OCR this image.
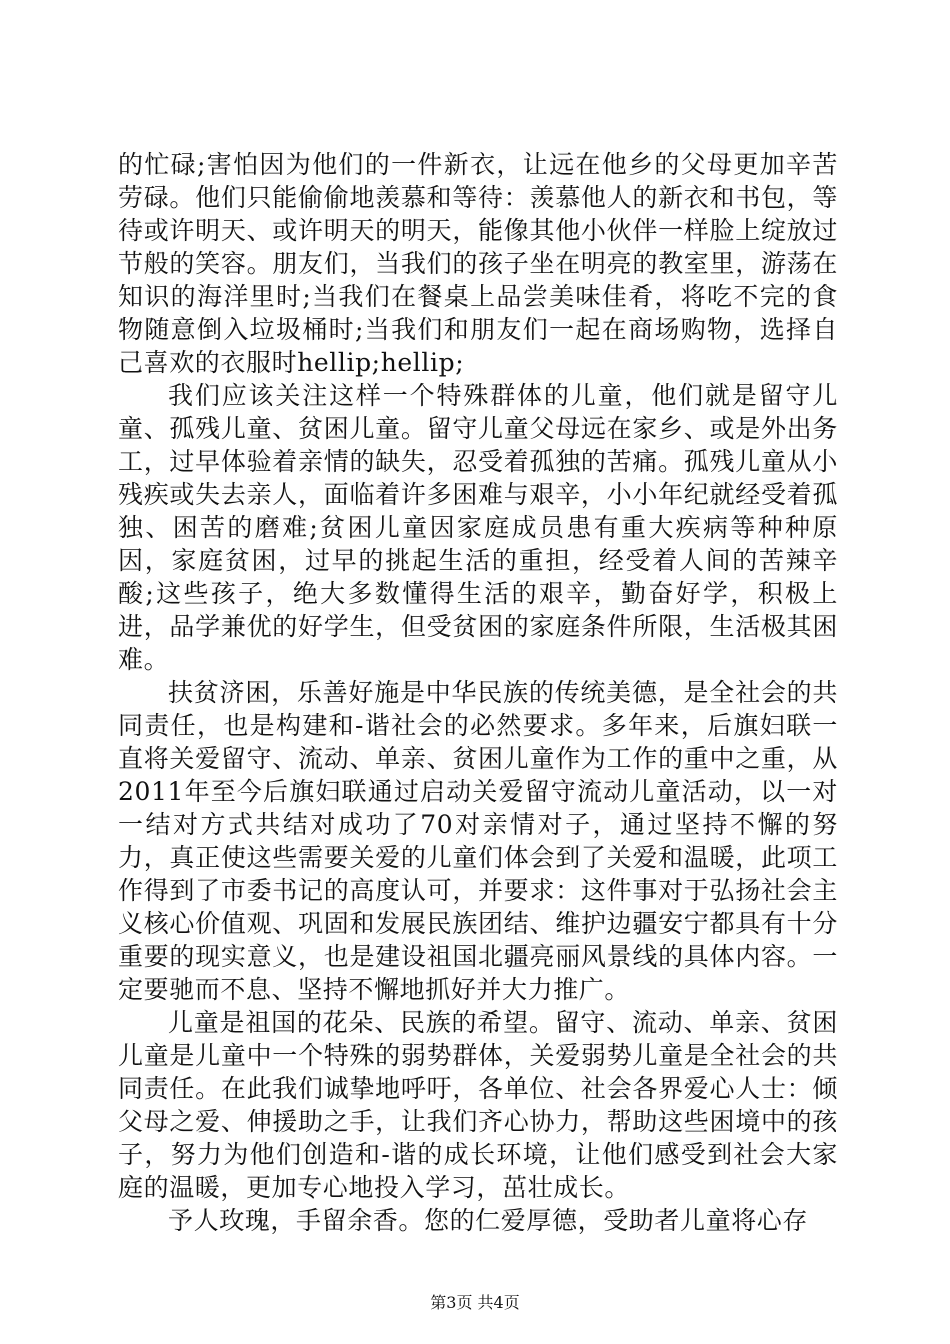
的忙碌;害怕因为他们的一件新衣，让远在他乡的父母更加辛苦劳碌。他们只能偷偷地羡慕和等待：羡慕他人的新衣和书包，等待或许明天、或许明天的明天，能像其他小伙伴一样脸上绽放过节般的笑容。朋友们，当我们的孩子坐在明亮的教室里，游荡在知识的海洋里时;当我们在餐桌上品尝美味佳肴，将吃不完的食物随意倒入垃圾桶时;当我们和朋友们一起在商场购物，选择自己喜欢的衣服时hellip;hellip;

我们应该关注这样一个特殊群体的儿童，他们就是留守儿童、孤残儿童、贫困儿童。留守儿童父母远在家乡、或是外出务工，过早体验着亲情的缺失，忍受着孤独的苦痛。孤残儿童从小残疾或失去亲人，面临着许多困难与艰辛，小小年纪就经受着孤独、困苦的磨难;贫困儿童因家庭成员患有重大疾病等种种原因，家庭贫困，过早的挑起生活的重担，经受着人间的苦辣辛酸;这些孩子，绝大多数懂得生活的艰辛，勤奋好学，积极上进，品学兼优的好学生，但受贫困的家庭条件所限，生活极其困难。

扶贫济困，乐善好施是中华民族的传统美德，是全社会的共同责任，也是构建和-谐社会的必然要求。多年来，后旗妇联一直将关爱留守、流动、单亲、贫困儿童作为工作的重中之重，从2011年至今后旗妇联通过启动关爱留守流动儿童活动，以一对一结对方式共结对成功了70对亲情对子，通过坚持不懈的努力，真正使这些需要关爱的儿童们体会到了关爱和温暖，此项工作得到了市委书记的高度认可，并要求：这件事对于弘扬社会主义核心价值观、巩固和发展民族团结、维护边疆安宁都具有十分重要的现实意义，也是建设祖国北疆亮丽风景线的具体内容。一定要驰而不息、坚持不懈地抓好并大力推广。

儿童是祖国的花朵、民族的希望。留守、流动、单亲、贫困儿童是儿童中一个特殊的弱势群体，关爱弱势儿童是全社会的共同责任。在此我们诚挚地呼吁，各单位、社会各界爱心人士：倾父母之爱、伸援助之手，让我们齐心协力，帮助这些困境中的孩子，努力为他们创造和-谐的成长环境，让他们感受到社会大家庭的温暖，更加专心地投入学习，茁壮成长。

予人玫瑰，手留余香。您的仁爱厚德，受助者儿童将心存

第3页 共4页
